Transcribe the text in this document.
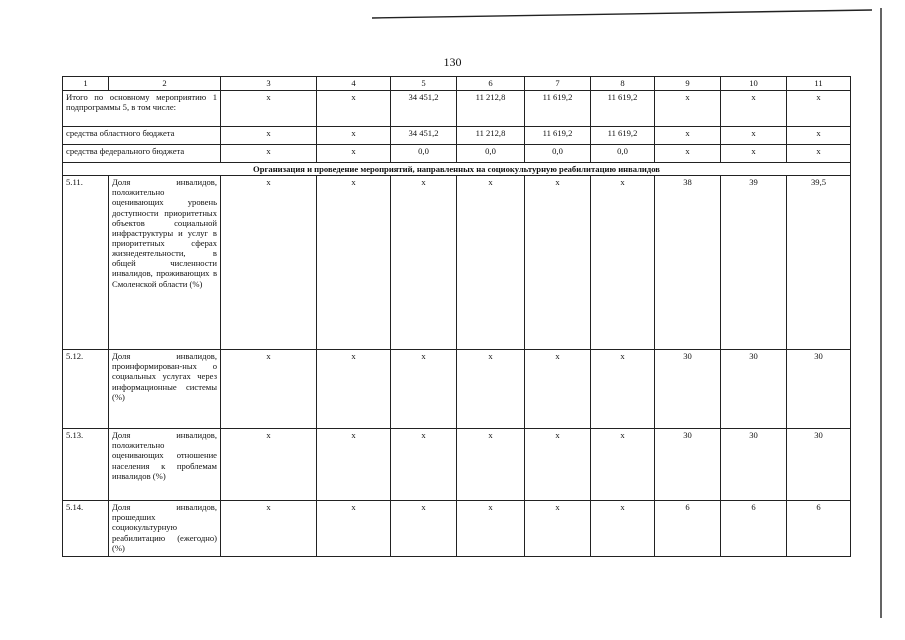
130
1	2	3	4	5	6	7	8	9	10	11
Итого по основному мероприятию 1 подпрограммы 5, в том числе:		х	х	34 451,2	11 212,8	11 619,2	11 619,2	х	х	х
средства областного бюджета		х	х	34 451,2	11 212,8	11 619,2	11 619,2	х	х	х
средства федерального бюджета		х	х	0,0	0,0	0,0	0,0	х	х	х
Организация и проведение мероприятий, направленных на социокультурную реабилитацию инвалидов										
5.11.	Доля инвалидов, положительно оценивающих уровень доступности приоритетных объектов социальной инфраструктуры и услуг в приоритетных сферах жизнедеятельности, в общей численности инвалидов, проживающих в Смоленской области (%)	х	х	х	х	х	х	38	39	39,5
5.12.	Доля инвалидов, проинформирован-ных о социальных услугах через информационные системы (%)	х	х	х	х	х	х	30	30	30
5.13.	Доля инвалидов, положительно оценивающих отношение населения к проблемам инвалидов (%)	х	х	х	х	х	х	30	30	30
5.14.	Доля инвалидов, прошедших социокультурную реабилитацию (ежегодно) (%)	х	х	х	х	х	х	6	6	6
